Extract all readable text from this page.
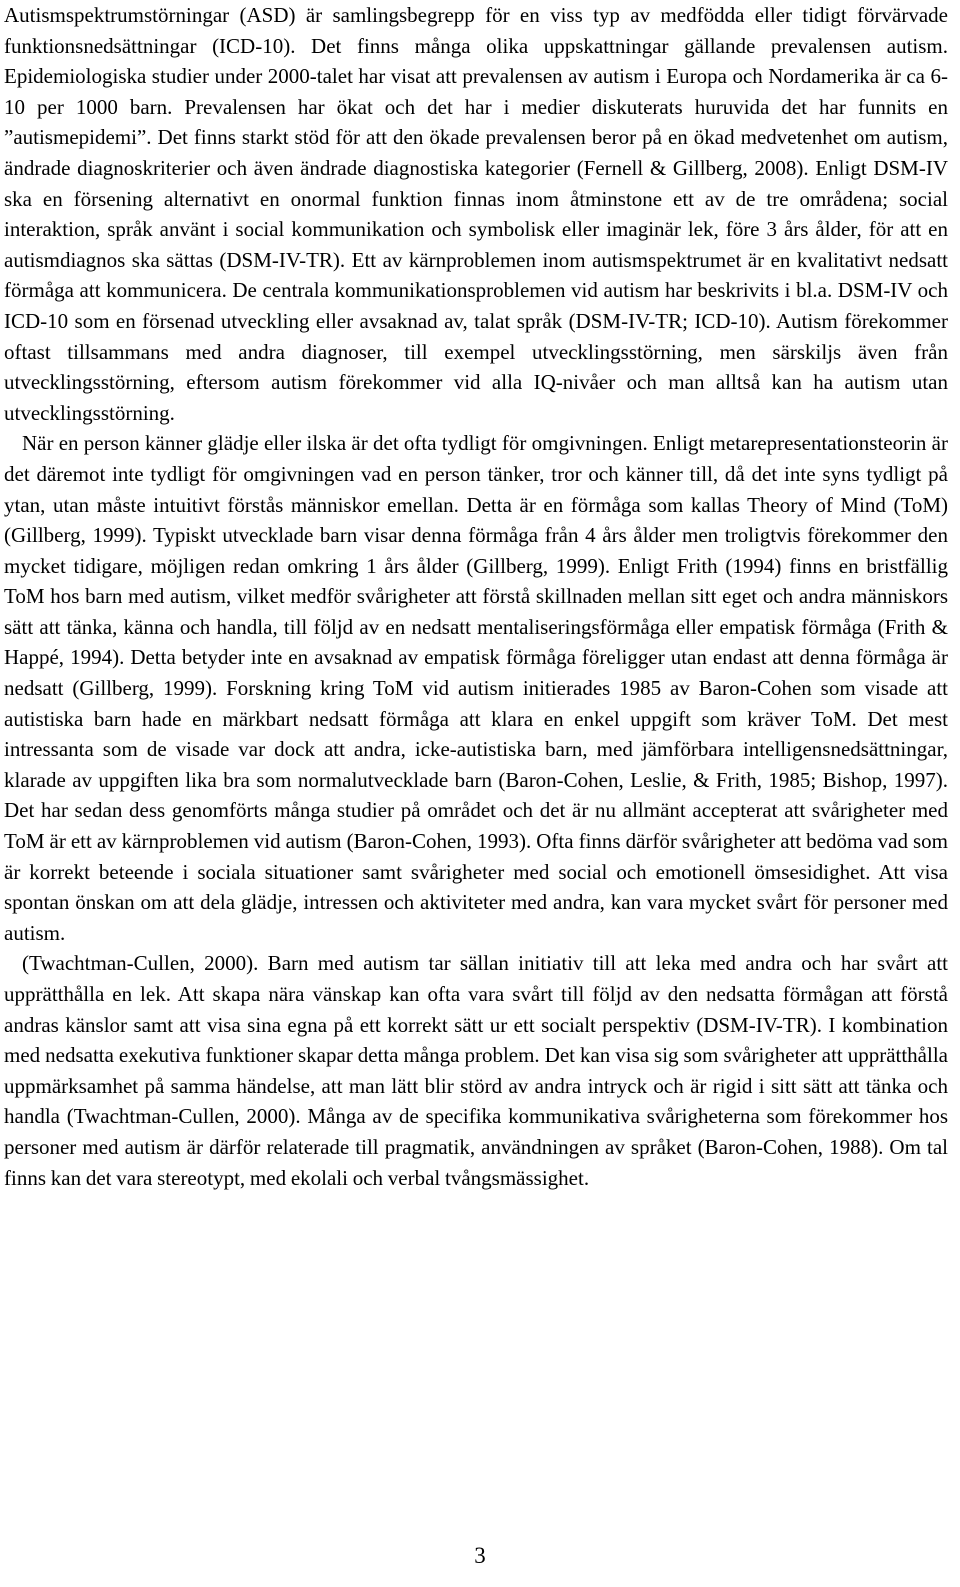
Autismspektrumstörningar (ASD) är samlingsbegrepp för en viss typ av medfödda eller tidigt förvärvade funktionsnedsättningar (ICD-10). Det finns många olika uppskattningar gällande prevalensen autism. Epidemiologiska studier under 2000-talet har visat att prevalensen av autism i Europa och Nordamerika är ca 6-10 per 1000 barn. Prevalensen har ökat och det har i medier diskuterats huruvida det har funnits en ”autismepidemi”. Det finns starkt stöd för att den ökade prevalensen beror på en ökad medvetenhet om autism, ändrade diagnoskriterier och även ändrade diagnostiska kategorier (Fernell & Gillberg, 2008). Enligt DSM-IV ska en försening alternativt en onormal funktion finnas inom åtminstone ett av de tre områdena; social interaktion, språk använt i social kommunikation och symbolisk eller imaginär lek, före 3 års ålder, för att en autismdiagnos ska sättas (DSM-IV-TR). Ett av kärnproblemen inom autismspektrumet är en kvalitativt nedsatt förmåga att kommunicera. De centrala kommunikationsproblemen vid autism har beskrivits i bl.a. DSM-IV och ICD-10 som en försenad utveckling eller avsaknad av, talat språk (DSM-IV-TR; ICD-10). Autism förekommer oftast tillsammans med andra diagnoser, till exempel utvecklingsstörning, men särskiljs även från utvecklingsstörning, eftersom autism förekommer vid alla IQ-nivåer och man alltså kan ha autism utan utvecklingsstörning.

När en person känner glädje eller ilska är det ofta tydligt för omgivningen. Enligt metarepresentationsteorin är det däremot inte tydligt för omgivningen vad en person tänker, tror och känner till, då det inte syns tydligt på ytan, utan måste intuitivt förstås människor emellan. Detta är en förmåga som kallas Theory of Mind (ToM) (Gillberg, 1999). Typiskt utvecklade barn visar denna förmåga från 4 års ålder men troligtvis förekommer den mycket tidigare, möjligen redan omkring 1 års ålder (Gillberg, 1999). Enligt Frith (1994) finns en bristfällig ToM hos barn med autism, vilket medför svårigheter att förstå skillnaden mellan sitt eget och andra människors sätt att tänka, känna och handla, till följd av en nedsatt mentaliseringsförmåga eller empatisk förmåga (Frith & Happé, 1994). Detta betyder inte en avsaknad av empatisk förmåga föreligger utan endast att denna förmåga är nedsatt (Gillberg, 1999). Forskning kring ToM vid autism initierades 1985 av Baron-Cohen som visade att autistiska barn hade en märkbart nedsatt förmåga att klara en enkel uppgift som kräver ToM. Det mest intressanta som de visade var dock att andra, icke-autistiska barn, med jämförbara intelligensnedsättningar, klarade av uppgiften lika bra som normalutvecklade barn (Baron-Cohen, Leslie, & Frith, 1985; Bishop, 1997). Det har sedan dess genomförts många studier på området och det är nu allmänt accepterat att svårigheter med ToM är ett av kärnproblemen vid autism (Baron-Cohen, 1993). Ofta finns därför svårigheter att bedöma vad som är korrekt beteende i sociala situationer samt svårigheter med social och emotionell ömsesidighet. Att visa spontan önskan om att dela glädje, intressen och aktiviteter med andra, kan vara mycket svårt för personer med autism.

(Twachtman-Cullen, 2000). Barn med autism tar sällan initiativ till att leka med andra och har svårt att upprätthålla en lek. Att skapa nära vänskap kan ofta vara svårt till följd av den nedsatta förmågan att förstå andras känslor samt att visa sina egna på ett korrekt sätt ur ett socialt perspektiv (DSM-IV-TR). I kombination med nedsatta exekutiva funktioner skapar detta många problem. Det kan visa sig som svårigheter att upprätthålla uppmärksamhet på samma händelse, att man lätt blir störd av andra intryck och är rigid i sitt sätt att tänka och handla (Twachtman-Cullen, 2000). Många av de specifika kommunikativa svårigheterna som förekommer hos personer med autism är därför relaterade till pragmatik, användningen av språket (Baron-Cohen, 1988). Om tal finns kan det vara stereotypt, med ekolali och verbal tvångsmässighet.

3
